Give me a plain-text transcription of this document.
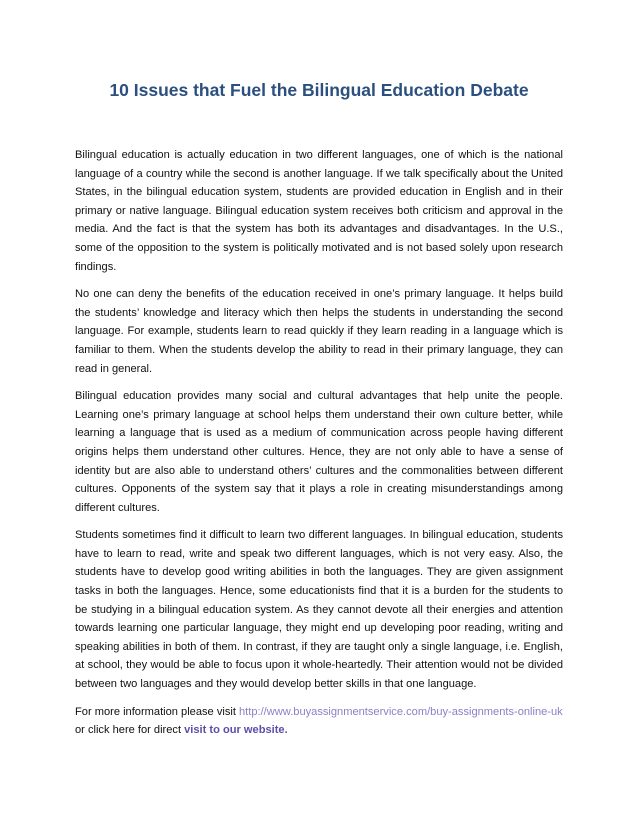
10 Issues that Fuel the Bilingual Education Debate

Bilingual education is actually education in two different languages, one of which is the national language of a country while the second is another language. If we talk specifically about the United States, in the bilingual education system, students are provided education in English and in their primary or native language. Bilingual education system receives both criticism and approval in the media. And the fact is that the system has both its advantages and disadvantages. In the U.S., some of the opposition to the system is politically motivated and is not based solely upon research findings.

No one can deny the benefits of the education received in one’s primary language. It helps build the students’ knowledge and literacy which then helps the students in understanding the second language. For example, students learn to read quickly if they learn reading in a language which is familiar to them. When the students develop the ability to read in their primary language, they can read in general.

Bilingual education provides many social and cultural advantages that help unite the people. Learning one’s primary language at school helps them understand their own culture better, while learning a language that is used as a medium of communication across people having different origins helps them understand other cultures. Hence, they are not only able to have a sense of identity but are also able to understand others’ cultures and the commonalities between different cultures. Opponents of the system say that it plays a role in creating misunderstandings among different cultures.

Students sometimes find it difficult to learn two different languages. In bilingual education, students have to learn to read, write and speak two different languages, which is not very easy. Also, the students have to develop good writing abilities in both the languages. They are given assignment tasks in both the languages. Hence, some educationists find that it is a burden for the students to be studying in a bilingual education system. As they cannot devote all their energies and attention towards learning one particular language, they might end up developing poor reading, writing and speaking abilities in both of them. In contrast, if they are taught only a single language, i.e. English, at school, they would be able to focus upon it whole-heartedly. Their attention would not be divided between two languages and they would develop better skills in that one language.

For more information please visit http://www.buyassignmentservice.com/buy-assignments-online-uk or click here for direct visit to our website.
